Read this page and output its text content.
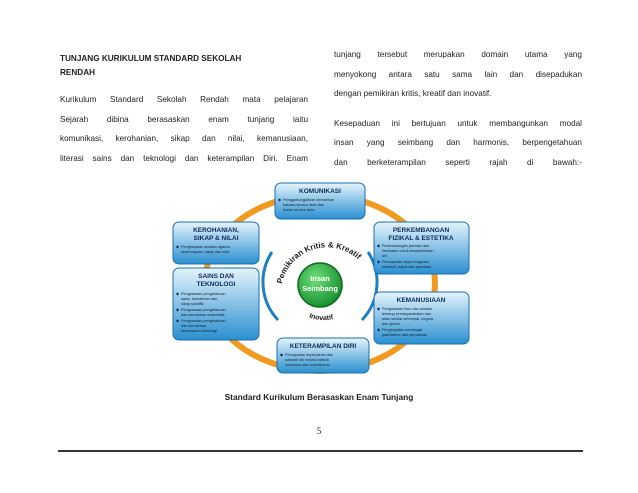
TUNJANG KURIKULUM STANDARD SEKOLAH
RENDAH
Kurikulum Standard Sekolah Rendah mata pelajaran
Sejarah dibina berasaskan enam tunjang iaitu
komunikasi, kerohanian, sikap dan nilai, kemanusiaan,
literasi sains dan teknologi dan keterampilan Diri. Enam
tunjang tersebut merupakan domain utama yang
menyokong antara satu sama lain dan disepadukan
dengan pemikiran kritis, kreatif dan inovatif.
Kesepaduan ini bertujuan untuk membangunkan modal
insan yang seimbang dan harmonis, berpengetahuan
dan berketerampilan seperti rajah di bawah:-
Pemikiran Kritis & Kreatif
Inovatif
Insan
Seimbang
KOMUNIKASI
◆ Penggabungjalinan kemahiran
bahasa secara lisan dan
bukan secara lisan
KEROHANIAN,
SIKAP & NILAI
◆ Penghayatan amalan agama,
kepercayaan, sikap dan nilai
PERKEMBANGAN
FIZIKAL & ESTETIKA
◆ Perkembangan jasmani dan
kesihatan untuk kesejahteraan
diri
◆ Pemupukan daya imaginasi,
kreativiti, bakat dan apresiasi
SAINS DAN
TEKNOLOGI
◆ Penguasaan pengetahuan
sains, kemahiran dan
sikap saintifik
◆ Penguasaan pengetahuan
dan kemahiran matematik
◆ Penguasaan pengetahuan
dan kemahiran
berasaskan teknologi
KEMANUSIAAN
◆ Penguasaan ilmu dan amalan
tentang kemasyarakatan dan
alam sekitar setempat, negara
dan global
◆ Penghayatan semangat
patriotisme dan perpaduan
KETERAMPILAN DIRI
◆ Pemupukan kepimpinan dan
sahsiah diri melalui aktiviti
kurikulum dan kokurikulum
Standard Kurikulum Berasaskan Enam Tunjang
5
